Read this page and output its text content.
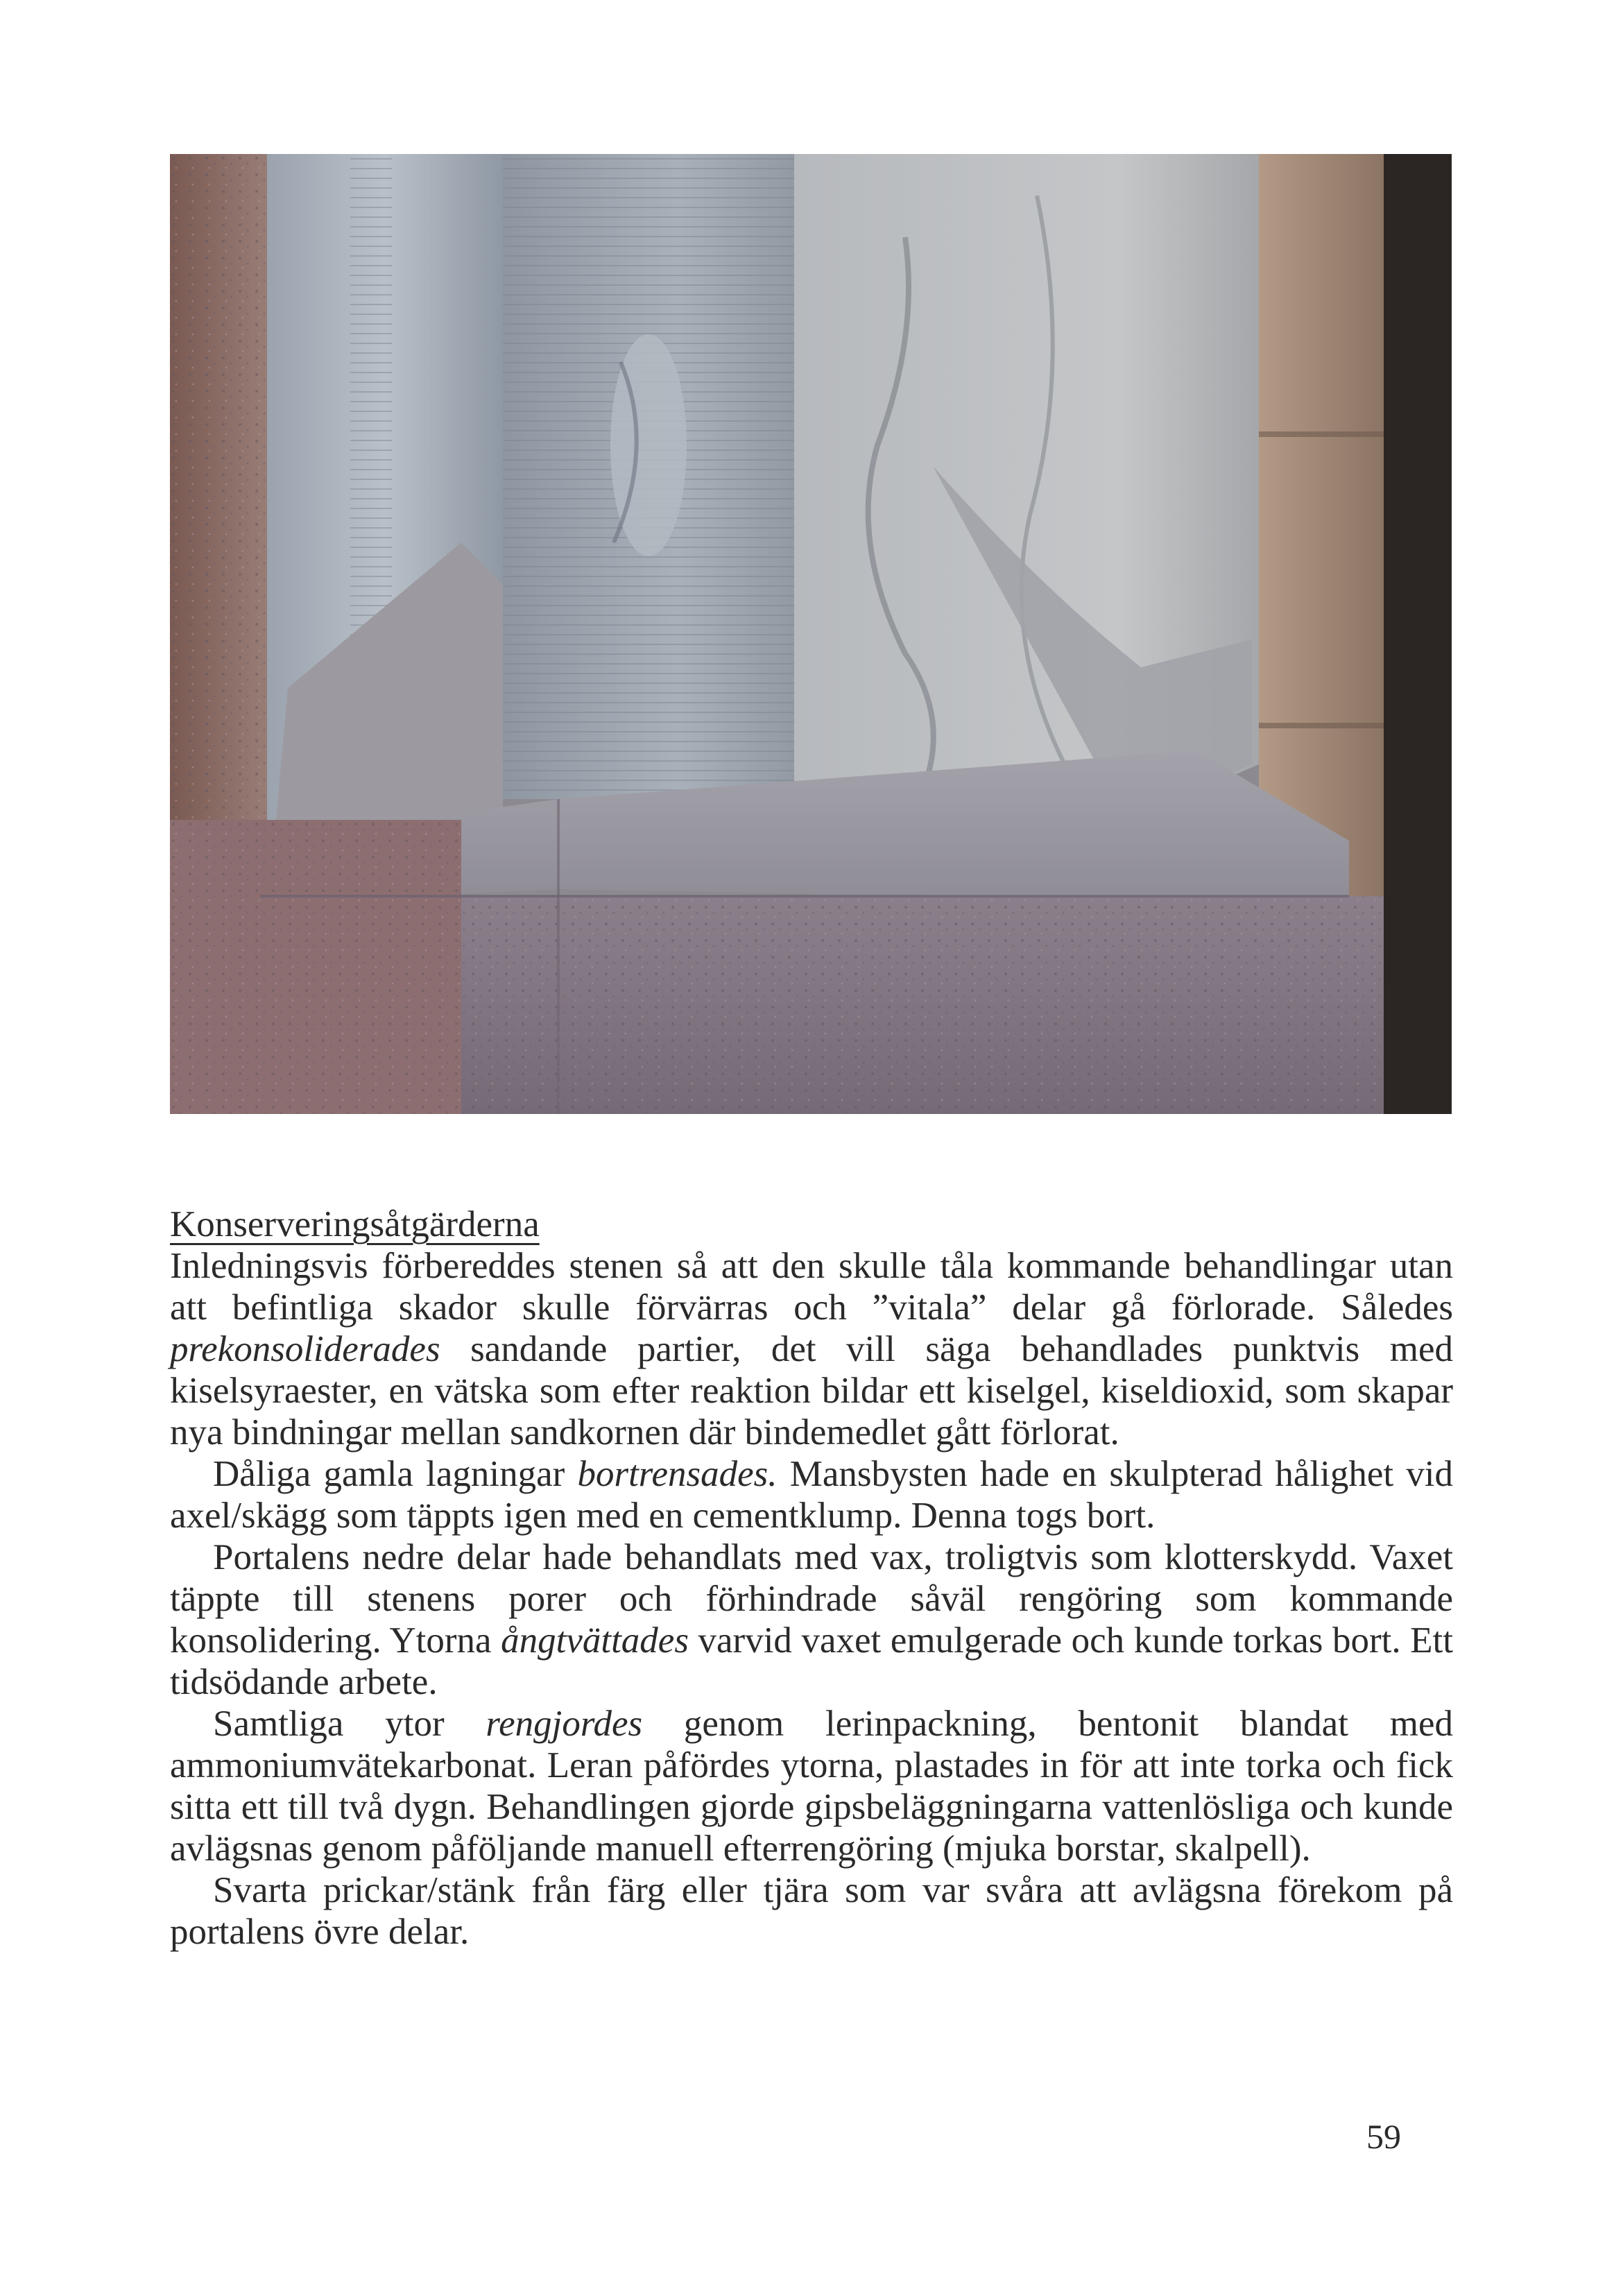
Konserveringsåtgärderna

Inledningsvis förbereddes stenen så att den skulle tåla kommande behandlingar utan att befintliga skador skulle förvärras och ”vitala” delar gå förlorade. Således prekonsoliderades sandande partier, det vill säga behandlades punktvis med kiselsyraester, en vätska som efter reaktion bildar ett kiselgel, kiseldioxid, som skapar nya bindningar mellan sandkornen där bindemedlet gått förlorat.

Dåliga gamla lagningar bortrensades. Mansbysten hade en skulpterad hålighet vid axel/skägg som täppts igen med en cementklump. Denna togs bort.

Portalens nedre delar hade behandlats med vax, troligtvis som klotterskydd. Vaxet täppte till stenens porer och förhindrade såväl rengöring som kommande konsolidering. Ytorna ångtvättades varvid vaxet emulgerade och kunde torkas bort. Ett tidsödande arbete.

Samtliga ytor rengjordes genom lerinpackning, bentonit blandat med ammoniumvätekarbonat. Leran påfördes ytorna, plastades in för att inte torka och fick sitta ett till två dygn. Behandlingen gjorde gipsbeläggningarna vattenlösliga och kunde avlägsnas genom påföljande manuell efterrengöring (mjuka borstar, skalpell).

Svarta prickar/stänk från färg eller tjära som var svåra att avlägsna förekom på portalens övre delar.

59
